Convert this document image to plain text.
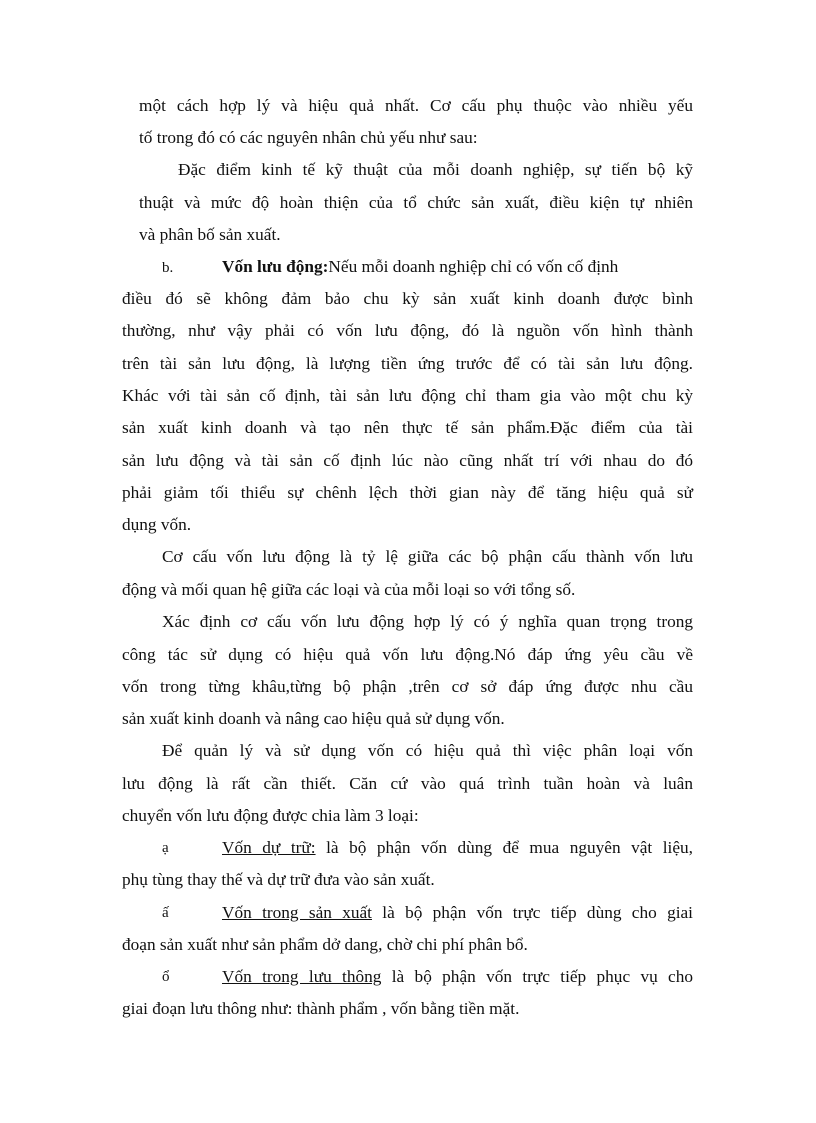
một cách hợp lý và hiệu quả nhất. Cơ cấu phụ thuộc vào nhiều yếu
tố trong đó có các nguyên nhân chủ yếu như sau:
Đặc điểm kinh tế kỹ thuật của mỗi doanh nghiệp, sự tiến bộ kỹ
thuật và mức độ hoàn thiện của tổ chức sản xuất, điều kiện tự nhiên
và phân bố sản xuất.
b.	Vốn lưu động:Nếu mỗi doanh nghiệp chỉ có vốn cố định
điều đó sẽ không đảm bảo chu kỳ sản xuất kinh doanh được bình
thường, như vậy phải có vốn lưu động, đó là nguồn vốn hình thành
trên tài sản lưu động, là lượng tiền ứng trước để có tài sản lưu động.
Khác với tài sản cố định, tài sản lưu động chỉ tham gia vào một chu kỳ
sản xuất kinh doanh và tạo nên thực tế sản phẩm.Đặc điểm của tài
sản lưu động và tài sản cố định lúc nào cũng nhất trí với nhau do đó
phải giảm tối thiểu sự chênh lệch thời gian này để tăng hiệu quả sử
dụng vốn.
Cơ cấu vốn lưu động là tỷ lệ giữa các bộ phận cấu thành vốn lưu
động và mối quan hệ giữa các loại và của mỗi loại so với tổng số.
Xác định cơ cấu vốn lưu động hợp lý có ý nghĩa quan trọng trong
công tác sử dụng có hiệu quả vốn lưu động.Nó đáp ứng yêu cầu về
vốn trong từng khâu,từng bộ phận ,trên cơ sở đáp ứng được nhu cầu
sản xuất kinh doanh và nâng cao hiệu quả sử dụng vốn.
Để quản lý và sử dụng vốn có hiệu quả thì việc phân loại vốn
lưu động là rất cần thiết. Căn cứ vào quá trình tuần hoàn và luân
chuyển vốn lưu động được chia làm 3 loại:
ạ	Vốn dự trữ: là bộ phận vốn dùng để mua nguyên vật liệu,
phụ tùng thay thế và dự trữ đưa vào sản xuất.
ấ	Vốn trong sản xuất là bộ phận vốn trực tiếp dùng cho giai
đoạn sản xuất như sản phẩm dở dang, chờ chi phí phân bổ.
ổ	Vốn trong lưu thông là bộ phận vốn trực tiếp phục vụ cho
giai đoạn lưu thông như: thành phẩm , vốn bằng tiền mặt.
